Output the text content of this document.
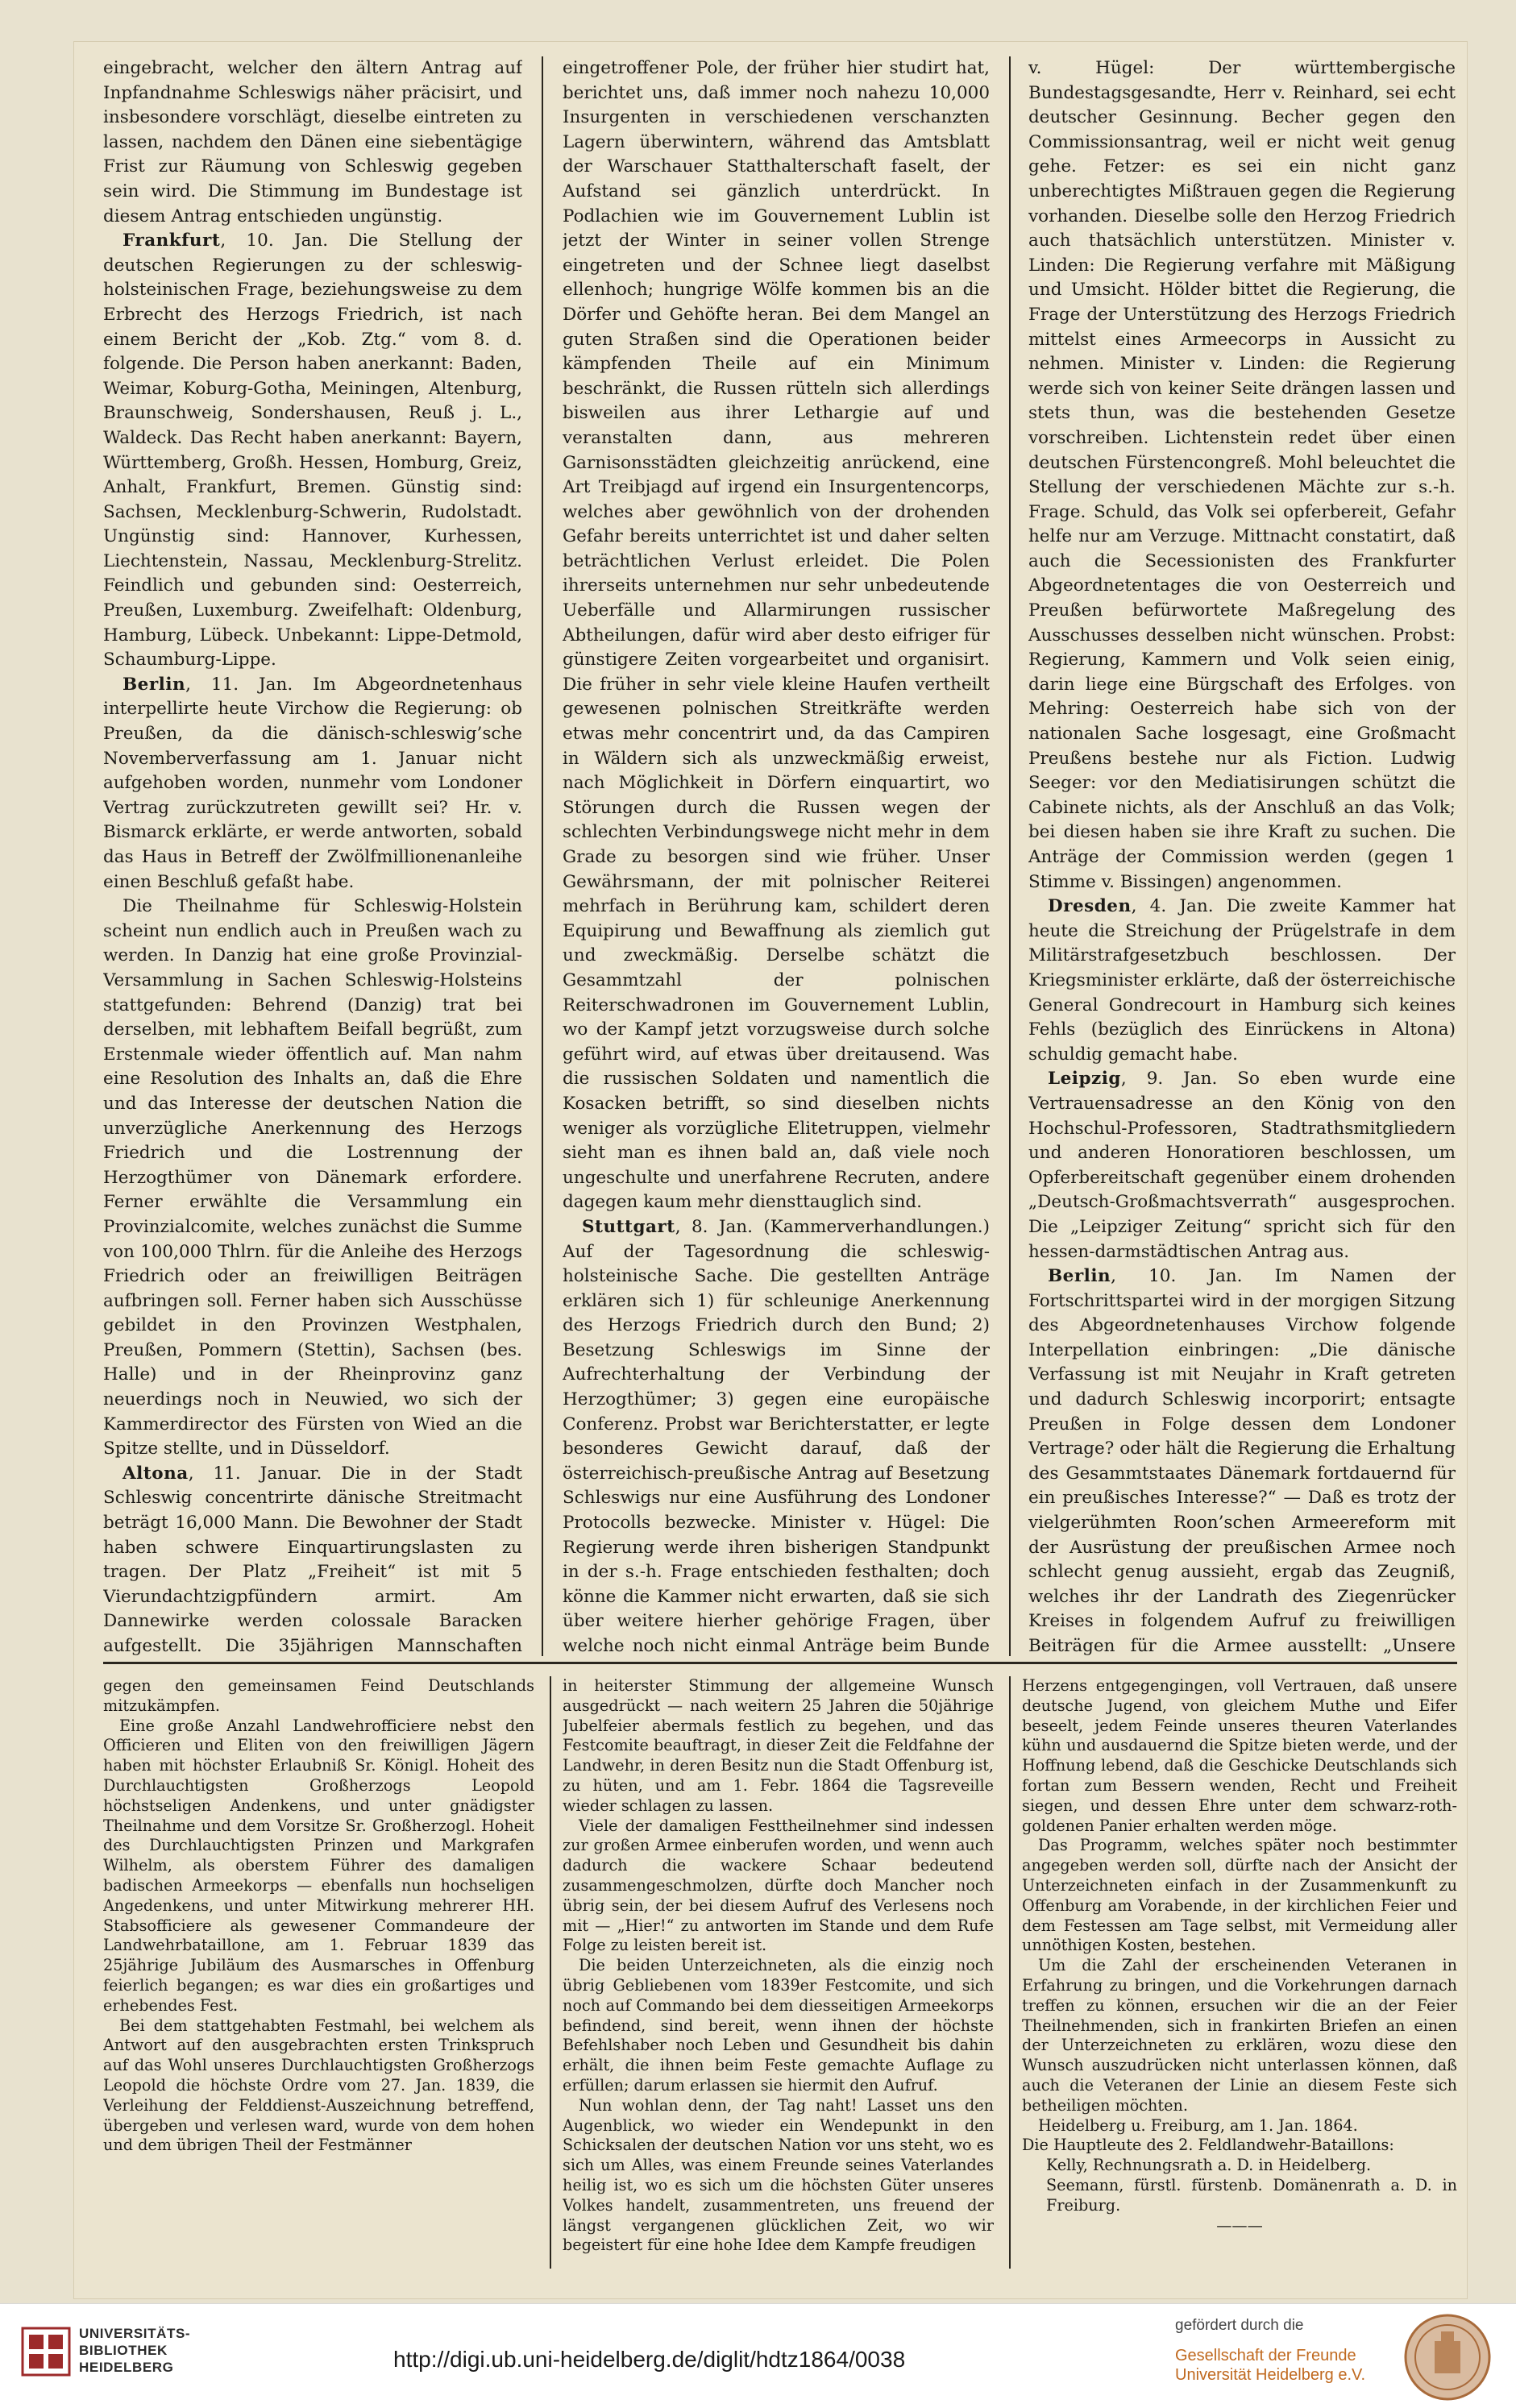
eingebracht, welcher den ältern Antrag auf Inpfandnahme Schleswigs näher präcisirt, und insbesondere vorschlägt, dieselbe eintreten zu lassen, nachdem den Dänen eine siebentägige Frist zur Räumung von Schleswig gegeben sein wird. Die Stimmung im Bundestage ist diesem Antrag entschieden ungünstig.

Frankfurt, 10. Jan. Die Stellung der deutschen Regierungen zu der schleswig-holsteinischen Frage, beziehungsweise zu dem Erbrecht des Herzogs Friedrich, ist nach einem Bericht der „Kob. Ztg.“ vom 8. d. folgende. Die Person haben anerkannt: Baden, Weimar, Koburg-Gotha, Meiningen, Altenburg, Braunschweig, Sondershausen, Reuß j. L., Waldeck. Das Recht haben anerkannt: Bayern, Württemberg, Großh. Hessen, Homburg, Greiz, Anhalt, Frankfurt, Bremen. Günstig sind: Sachsen, Mecklenburg-Schwerin, Rudolstadt. Ungünstig sind: Hannover, Kurhessen, Liechtenstein, Nassau, Mecklenburg-Strelitz. Feindlich und gebunden sind: Oesterreich, Preußen, Luxemburg. Zweifelhaft: Oldenburg, Hamburg, Lübeck. Unbekannt: Lippe-Detmold, Schaumburg-Lippe.

Berlin, 11. Jan. Im Abgeordnetenhaus interpellirte heute Virchow die Regierung: ob Preußen, da die dänisch-schleswig’sche Novemberverfassung am 1. Januar nicht aufgehoben worden, nunmehr vom Londoner Vertrag zurückzutreten gewillt sei? Hr. v. Bismarck erklärte, er werde antworten, sobald das Haus in Betreff der Zwölfmillionenanleihe einen Beschluß gefaßt habe.

Die Theilnahme für Schleswig-Holstein scheint nun endlich auch in Preußen wach zu werden. In Danzig hat eine große Provinzial-Versammlung in Sachen Schleswig-Holsteins stattgefunden: Behrend (Danzig) trat bei derselben, mit lebhaftem Beifall begrüßt, zum Erstenmale wieder öffentlich auf. Man nahm eine Resolution des Inhalts an, daß die Ehre und das Interesse der deutschen Nation die unverzügliche Anerkennung des Herzogs Friedrich und die Lostrennung der Herzogthümer von Dänemark erfordere. Ferner erwählte die Versammlung ein Provinzialcomite, welches zunächst die Summe von 100,000 Thlrn. für die Anleihe des Herzogs Friedrich oder an freiwilligen Beiträgen aufbringen soll. Ferner haben sich Ausschüsse gebildet in den Provinzen Westphalen, Preußen, Pommern (Stettin), Sachsen (bes. Halle) und in der Rheinprovinz ganz neuerdings noch in Neuwied, wo sich der Kammerdirector des Fürsten von Wied an die Spitze stellte, und in Düsseldorf.

Altona, 11. Januar. Die in der Stadt Schleswig concentrirte dänische Streitmacht beträgt 16,000 Mann. Die Bewohner der Stadt haben schwere Einquartirungslasten zu tragen. Der Platz „Freiheit“ ist mit 5 Vierundachtzigpfündern armirt. Am Dannewirke werden colossale Baracken aufgestellt. Die 35jährigen Mannschaften

eingetroffener Pole, der früher hier studirt hat, berichtet uns, daß immer noch nahezu 10,000 Insurgenten in verschiedenen verschanzten Lagern überwintern, während das Amtsblatt der Warschauer Statthalterschaft faselt, der Aufstand sei gänzlich unterdrückt. In Podlachien wie im Gouvernement Lublin ist jetzt der Winter in seiner vollen Strenge eingetreten und der Schnee liegt daselbst ellenhoch; hungrige Wölfe kommen bis an die Dörfer und Gehöfte heran. Bei dem Mangel an guten Straßen sind die Operationen beider kämpfenden Theile auf ein Minimum beschränkt, die Russen rütteln sich allerdings bisweilen aus ihrer Lethargie auf und veranstalten dann, aus mehreren Garnisonsstädten gleichzeitig anrückend, eine Art Treibjagd auf irgend ein Insurgentencorps, welches aber gewöhnlich von der drohenden Gefahr bereits unterrichtet ist und daher selten beträchtlichen Verlust erleidet. Die Polen ihrerseits unternehmen nur sehr unbedeutende Ueberfälle und Allarmirungen russischer Abtheilungen, dafür wird aber desto eifriger für günstigere Zeiten vorgearbeitet und organisirt. Die früher in sehr viele kleine Haufen vertheilt gewesenen polnischen Streitkräfte werden etwas mehr concentrirt und, da das Campiren in Wäldern sich als unzweckmäßig erweist, nach Möglichkeit in Dörfern einquartirt, wo Störungen durch die Russen wegen der schlechten Verbindungswege nicht mehr in dem Grade zu besorgen sind wie früher. Unser Gewährsmann, der mit polnischer Reiterei mehrfach in Berührung kam, schildert deren Equipirung und Bewaffnung als ziemlich gut und zweckmäßig. Derselbe schätzt die Gesammtzahl der polnischen Reiterschwadronen im Gouvernement Lublin, wo der Kampf jetzt vorzugsweise durch solche geführt wird, auf etwas über dreitausend. Was die russischen Soldaten und namentlich die Kosacken betrifft, so sind dieselben nichts weniger als vorzügliche Elitetruppen, vielmehr sieht man es ihnen bald an, daß viele noch ungeschulte und unerfahrene Recruten, andere dagegen kaum mehr diensttauglich sind.

Stuttgart, 8. Jan. (Kammerverhandlungen.) Auf der Tagesordnung die schleswig-holsteinische Sache. Die gestellten Anträge erklären sich 1) für schleunige Anerkennung des Herzogs Friedrich durch den Bund; 2) Besetzung Schleswigs im Sinne der Aufrechterhaltung der Verbindung der Herzogthümer; 3) gegen eine europäische Conferenz. Probst war Berichterstatter, er legte besonderes Gewicht darauf, daß der österreichisch-preußische Antrag auf Besetzung Schleswigs nur eine Ausführung des Londoner Protocolls bezwecke. Minister v. Hügel: Die Regierung werde ihren bisherigen Standpunkt in der s.-h. Frage entschieden festhalten; doch könne die Kammer nicht erwarten, daß sie sich über weitere hierher gehörige Fragen, über welche noch nicht einmal Anträge beim Bunde

v. Hügel: Der württembergische Bundestagsgesandte, Herr v. Reinhard, sei echt deutscher Gesinnung. Becher gegen den Commissionsantrag, weil er nicht weit genug gehe. Fetzer: es sei ein nicht ganz unberechtigtes Mißtrauen gegen die Regierung vorhanden. Dieselbe solle den Herzog Friedrich auch thatsächlich unterstützen. Minister v. Linden: Die Regierung verfahre mit Mäßigung und Umsicht. Hölder bittet die Regierung, die Frage der Unterstützung des Herzogs Friedrich mittelst eines Armeecorps in Aussicht zu nehmen. Minister v. Linden: die Regierung werde sich von keiner Seite drängen lassen und stets thun, was die bestehenden Gesetze vorschreiben. Lichtenstein redet über einen deutschen Fürstencongreß. Mohl beleuchtet die Stellung der verschiedenen Mächte zur s.-h. Frage. Schuld, das Volk sei opferbereit, Gefahr helfe nur am Verzuge. Mittnacht constatirt, daß auch die Secessionisten des Frankfurter Abgeordnetentages die von Oesterreich und Preußen befürwortete Maßregelung des Ausschusses desselben nicht wünschen. Probst: Regierung, Kammern und Volk seien einig, darin liege eine Bürgschaft des Erfolges. von Mehring: Oesterreich habe sich von der nationalen Sache losgesagt, eine Großmacht Preußens bestehe nur als Fiction. Ludwig Seeger: vor den Mediatisirungen schützt die Cabinete nichts, als der Anschluß an das Volk; bei diesen haben sie ihre Kraft zu suchen. Die Anträge der Commission werden (gegen 1 Stimme v. Bissingen) angenommen.

Dresden, 4. Jan. Die zweite Kammer hat heute die Streichung der Prügelstrafe in dem Militärstrafgesetzbuch beschlossen. Der Kriegsminister erklärte, daß der österreichische General Gondrecourt in Hamburg sich keines Fehls (bezüglich des Einrückens in Altona) schuldig gemacht habe.

Leipzig, 9. Jan. So eben wurde eine Vertrauensadresse an den König von den Hochschul-Professoren, Stadtrathsmitgliedern und anderen Honoratioren beschlossen, um Opferbereitschaft gegenüber einem drohenden „Deutsch-Großmachtsverrath“ ausgesprochen. Die „Leipziger Zeitung“ spricht sich für den hessen-darmstädtischen Antrag aus.

Berlin, 10. Jan. Im Namen der Fortschrittspartei wird in der morgigen Sitzung des Abgeordnetenhauses Virchow folgende Interpellation einbringen: „Die dänische Verfassung ist mit Neujahr in Kraft getreten und dadurch Schleswig incorporirt; entsagte Preußen in Folge dessen dem Londoner Vertrage? oder hält die Regierung die Erhaltung des Gesammtstaates Dänemark fortdauernd für ein preußisches Interesse?“ — Daß es trotz der vielgerühmten Roon’schen Armeereform mit der Ausrüstung der preußischen Armee noch schlecht genug aussieht, ergab das Zeugniß, welches ihr der Landrath des Ziegenrücker Kreises in folgendem Aufruf zu freiwilligen Beiträgen für die Armee ausstellt: „Unsere

gegen den gemeinsamen Feind Deutschlands mitzukämpfen.

Eine große Anzahl Landwehrofficiere nebst den Officieren und Eliten von den freiwilligen Jägern haben mit höchster Erlaubniß Sr. Königl. Hoheit des Durchlauchtigsten Großherzogs Leopold höchstseligen Andenkens, und unter gnädigster Theilnahme und dem Vorsitze Sr. Großherzogl. Hoheit des Durchlauchtigsten Prinzen und Markgrafen Wilhelm, als oberstem Führer des damaligen badischen Armeekorps — ebenfalls nun hochseligen Angedenkens, und unter Mitwirkung mehrerer HH. Stabsofficiere als gewesener Commandeure der Landwehrbataillone, am 1. Februar 1839 das 25jährige Jubiläum des Ausmarsches in Offenburg feierlich begangen; es war dies ein großartiges und erhebendes Fest.

Bei dem stattgehabten Festmahl, bei welchem als Antwort auf den ausgebrachten ersten Trinkspruch auf das Wohl unseres Durchlauchtigsten Großherzogs Leopold die höchste Ordre vom 27. Jan. 1839, die Verleihung der Felddienst-Auszeichnung betreffend, übergeben und verlesen ward, wurde von dem hohen und dem übrigen Theil der Festmänner

in heiterster Stimmung der allgemeine Wunsch ausgedrückt — nach weitern 25 Jahren die 50jährige Jubelfeier abermals festlich zu begehen, und das Festcomite beauftragt, in dieser Zeit die Feldfahne der Landwehr, in deren Besitz nun die Stadt Offenburg ist, zu hüten, und am 1. Febr. 1864 die Tagsreveille wieder schlagen zu lassen.

Viele der damaligen Festtheilnehmer sind indessen zur großen Armee einberufen worden, und wenn auch dadurch die wackere Schaar bedeutend zusammengeschmolzen, dürfte doch Mancher noch übrig sein, der bei diesem Aufruf des Verlesens noch mit — „Hier!“ zu antworten im Stande und dem Rufe Folge zu leisten bereit ist.

Die beiden Unterzeichneten, als die einzig noch übrig Gebliebenen vom 1839er Festcomite, und sich noch auf Commando bei dem diesseitigen Armeekorps befindend, sind bereit, wenn ihnen der höchste Befehlshaber noch Leben und Gesundheit bis dahin erhält, die ihnen beim Feste gemachte Auflage zu erfüllen; darum erlassen sie hiermit den Aufruf.

Nun wohlan denn, der Tag naht! Lasset uns den Augenblick, wo wieder ein Wendepunkt in den Schicksalen der deutschen Nation vor uns steht, wo es sich um Alles, was einem Freunde seines Vaterlandes heilig ist, wo es sich um die höchsten Güter unseres Volkes handelt, zusammentreten, uns freuend der längst vergangenen glücklichen Zeit, wo wir begeistert für eine hohe Idee dem Kampfe freudigen

Herzens entgegengingen, voll Vertrauen, daß unsere deutsche Jugend, von gleichem Muthe und Eifer beseelt, jedem Feinde unseres theuren Vaterlandes kühn und ausdauernd die Spitze bieten werde, und der Hoffnung lebend, daß die Geschicke Deutschlands sich fortan zum Bessern wenden, Recht und Freiheit siegen, und dessen Ehre unter dem schwarz-roth-goldenen Panier erhalten werden möge.

Das Programm, welches später noch bestimmter angegeben werden soll, dürfte nach der Ansicht der Unterzeichneten einfach in der Zusammenkunft zu Offenburg am Vorabende, in der kirchlichen Feier und dem Festessen am Tage selbst, mit Vermeidung aller unnöthigen Kosten, bestehen.

Um die Zahl der erscheinenden Veteranen in Erfahrung zu bringen, und die Vorkehrungen darnach treffen zu können, ersuchen wir die an der Feier Theilnehmenden, sich in frankirten Briefen an einen der Unterzeichneten zu erklären, wozu diese den Wunsch auszudrücken nicht unterlassen können, daß auch die Veteranen der Linie an diesem Feste sich betheiligen möchten.

Heidelberg u. Freiburg, am 1. Jan. 1864.

Die Hauptleute des 2. Feldlandwehr-Bataillons:

Kelly, Rechnungsrath a. D. in Heidelberg.

Seemann, fürstl. fürstenb. Domänenrath a. D. in Freiburg.

———

UNIVERSITÄTS-
BIBLIOTHEK
HEIDELBERG	http://digi.ub.uni-heidelberg.de/diglit/hdtz1864/0038
gefördert durch die
Gesellschaft der Freunde
Universität Heidelberg e.V.
